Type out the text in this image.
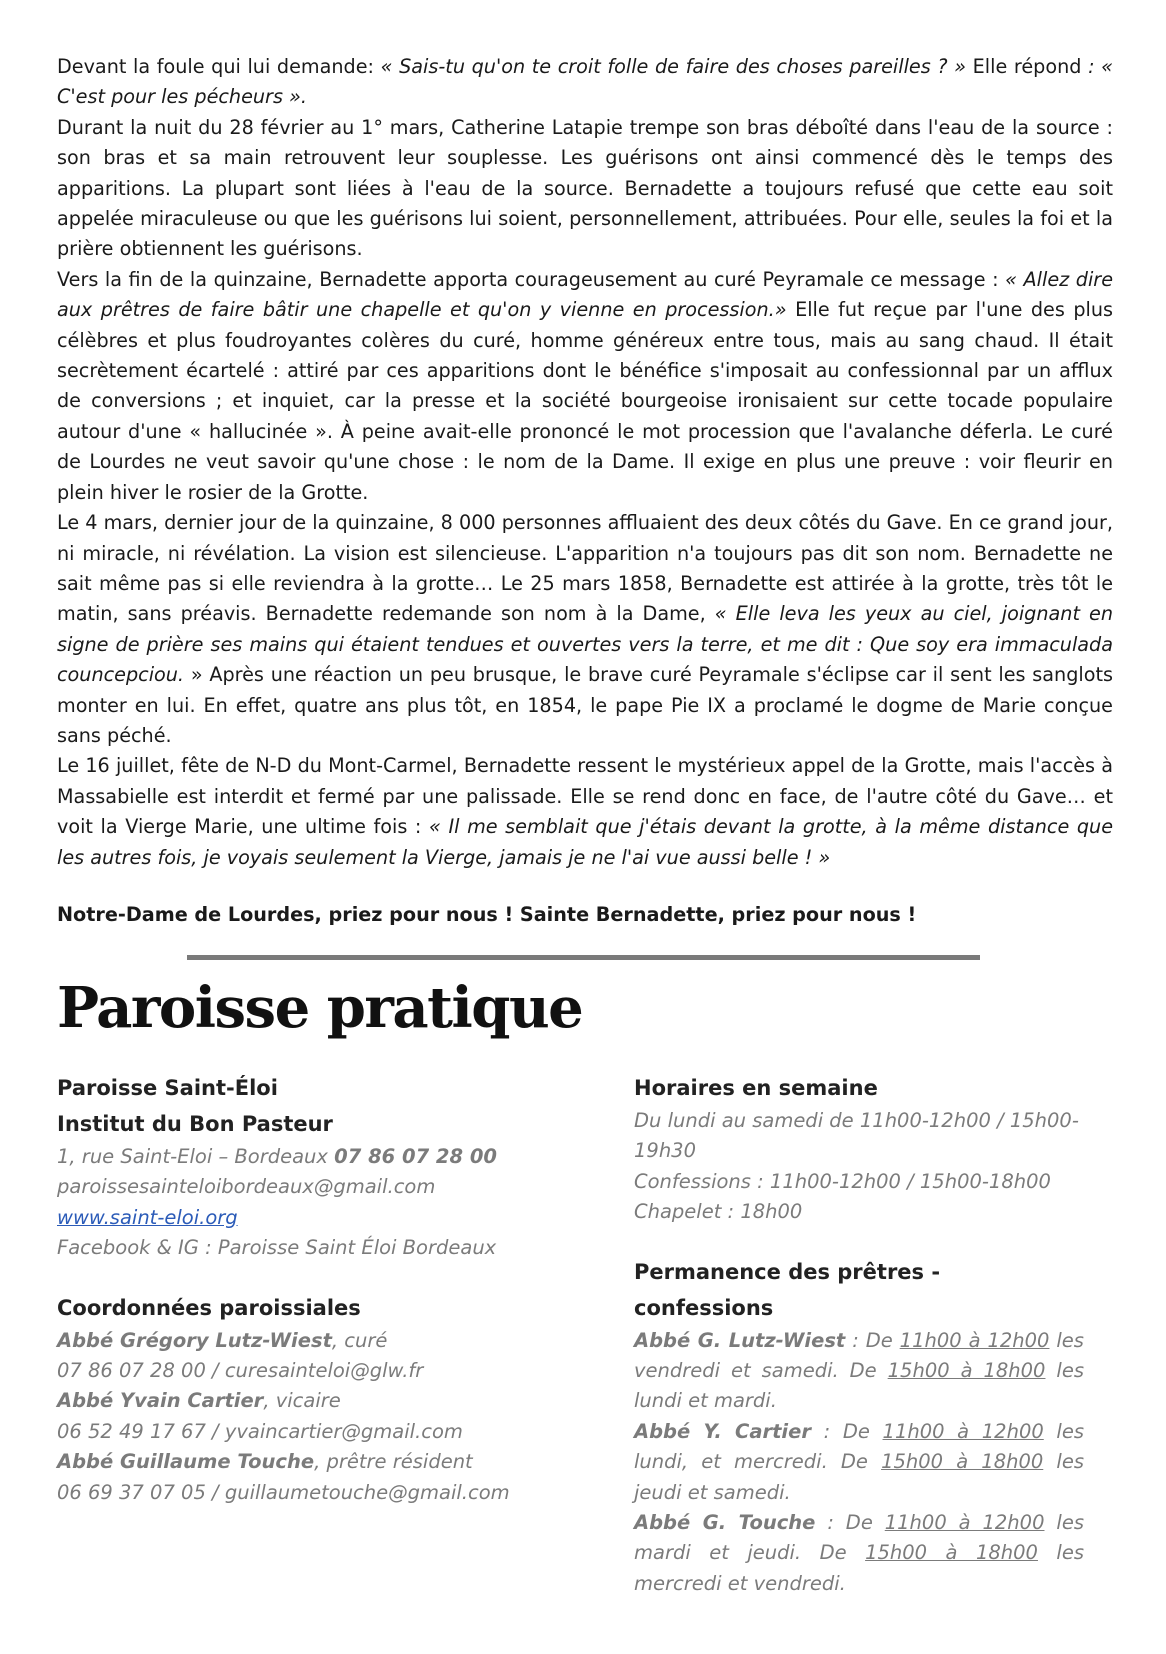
Devant la foule qui lui demande: « Sais-tu qu'on te croit folle de faire des choses pareilles ? » Elle répond : « C'est pour les pécheurs ».

Durant la nuit du 28 février au 1° mars, Catherine Latapie trempe son bras déboîté dans l'eau de la source : son bras et sa main retrouvent leur souplesse. Les guérisons ont ainsi commencé dès le temps des apparitions. La plupart sont liées à l'eau de la source. Bernadette a toujours refusé que cette eau soit appelée miraculeuse ou que les guérisons lui soient, personnellement, attribuées. Pour elle, seules la foi et la prière obtiennent les guérisons.

Vers la fin de la quinzaine, Bernadette apporta courageusement au curé Peyramale ce message : « Allez dire aux prêtres de faire bâtir une chapelle et qu'on y vienne en procession.» Elle fut reçue par l'une des plus célèbres et plus foudroyantes colères du curé, homme généreux entre tous, mais au sang chaud. Il était secrètement écartelé : attiré par ces apparitions dont le bénéfice s'imposait au confessionnal par un afflux de conversions ; et inquiet, car la presse et la société bourgeoise ironisaient sur cette tocade populaire autour d'une « hallucinée ». À peine avait-elle prononcé le mot procession que l'avalanche déferla. Le curé de Lourdes ne veut savoir qu'une chose : le nom de la Dame. Il exige en plus une preuve : voir fleurir en plein hiver le rosier de la Grotte.

Le 4 mars, dernier jour de la quinzaine, 8 000 personnes affluaient des deux côtés du Gave. En ce grand jour, ni miracle, ni révélation. La vision est silencieuse. L'apparition n'a toujours pas dit son nom. Bernadette ne sait même pas si elle reviendra à la grotte… Le 25 mars 1858, Bernadette est attirée à la grotte, très tôt le matin, sans préavis. Bernadette redemande son nom à la Dame, « Elle leva les yeux au ciel, joignant en signe de prière ses mains qui étaient tendues et ouvertes vers la terre, et me dit : Que soy era immaculada councepciou. » Après une réaction un peu brusque, le brave curé Peyramale s'éclipse car il sent les sanglots monter en lui. En effet, quatre ans plus tôt, en 1854, le pape Pie IX a proclamé le dogme de Marie conçue sans péché.

Le 16 juillet, fête de N-D du Mont-Carmel, Bernadette ressent le mystérieux appel de la Grotte, mais l'accès à Massabielle est interdit et fermé par une palissade. Elle se rend donc en face, de l'autre côté du Gave… et voit la Vierge Marie, une ultime fois : « Il me semblait que j'étais devant la grotte, à la même distance que les autres fois, je voyais seulement la Vierge, jamais je ne l'ai vue aussi belle ! »

Notre-Dame de Lourdes, priez pour nous ! Sainte Bernadette, priez pour nous !
Paroisse pratique
Paroisse Saint-Éloi
Institut du Bon Pasteur
1, rue Saint-Eloi – Bordeaux 07 86 07 28 00
paroissesainteloibordeaux@gmail.com
www.saint-eloi.org
Facebook & IG : Paroisse Saint Éloi Bordeaux
Coordonnées paroissiales
Abbé Grégory Lutz-Wiest, curé
07 86 07 28 00 / curesainteloi@glw.fr
Abbé Yvain Cartier, vicaire
06 52 49 17 67 / yvaincartier@gmail.com
Abbé Guillaume Touche, prêtre résident
06 69 37 07 05 / guillaumetouche@gmail.com
Horaires en semaine
Du lundi au samedi de 11h00-12h00 / 15h00-
19h30
Confessions : 11h00-12h00 / 15h00-18h00
Chapelet : 18h00
Permanence des prêtres - confessions
Abbé G. Lutz-Wiest : De 11h00 à 12h00 les vendredi et samedi. De 15h00 à 18h00 les lundi et mardi.
Abbé Y. Cartier : De 11h00 à 12h00 les lundi, et mercredi. De 15h00 à 18h00 les jeudi et samedi.
Abbé G. Touche : De 11h00 à 12h00 les mardi et jeudi. De 15h00 à 18h00 les mercredi et vendredi.
